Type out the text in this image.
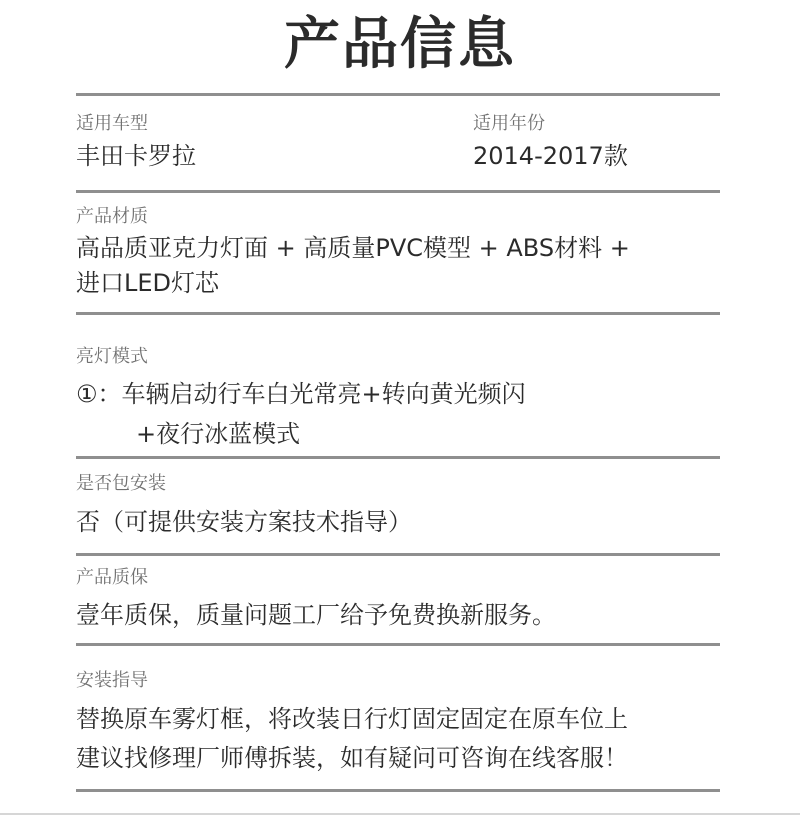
产品信息
适用车型
丰田卡罗拉
适用年份
2014-2017款
产品材质
高品质亚克力灯面 + 高质量PVC模型 + ABS材料 +
进口LED灯芯
亮灯模式
①：车辆启动行车白光常亮+转向黄光频闪
+夜行冰蓝模式
是否包安装
否（可提供安装方案技术指导）
产品质保
壹年质保，质量问题工厂给予免费换新服务。
安装指导
替换原车雾灯框，将改装日行灯固定固定在原车位上
建议找修理厂师傅拆装，如有疑问可咨询在线客服！
